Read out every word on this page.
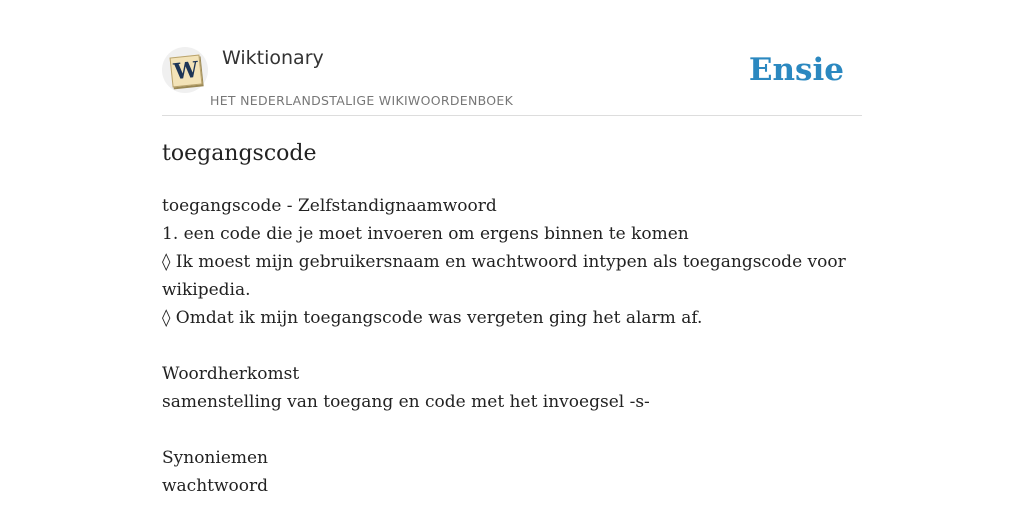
W Wiktionary
HET NEDERLANDSTALIGE WIKIWOORDENBOEK
Ensie
toegangscode
toegangscode - Zelfstandignaamwoord
1. een code die je moet invoeren om ergens binnen te komen
◊ Ik moest mijn gebruikersnaam en wachtwoord intypen als toegangscode voor wikipedia.
◊ Omdat ik mijn toegangscode was vergeten ging het alarm af.
Woordherkomst
samenstelling van toegang en code met het invoegsel -s-
Synoniemen
wachtwoord
